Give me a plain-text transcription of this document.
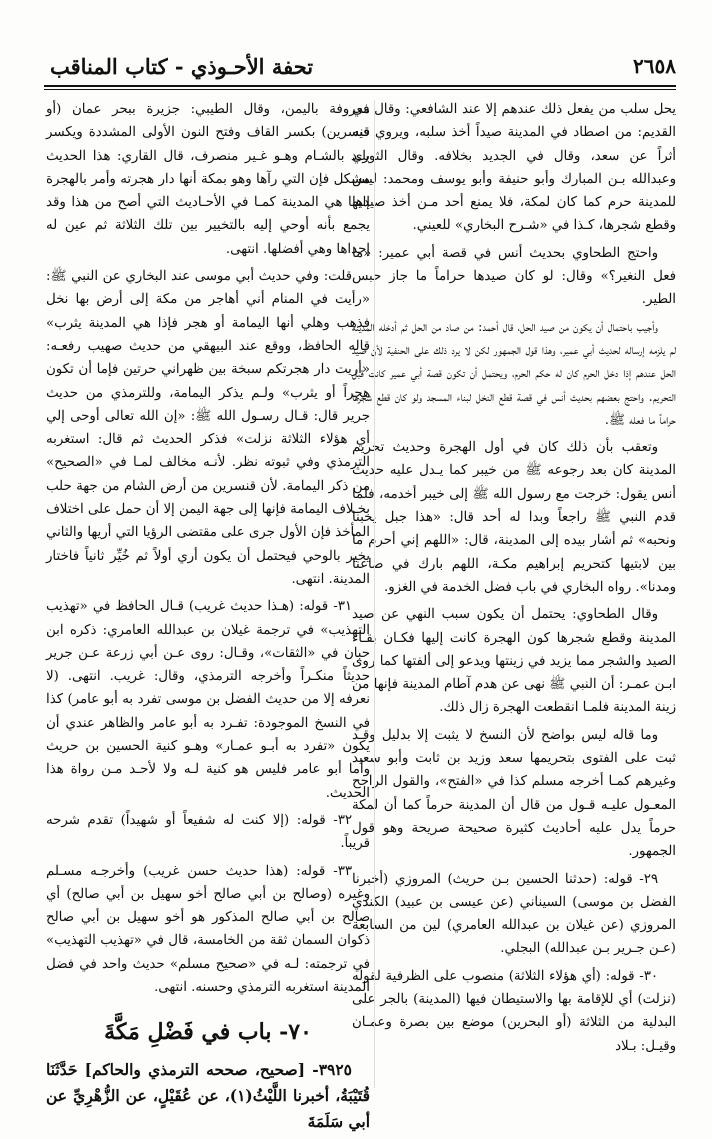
٢٦٥٨
تحفة الأحـوذي - كتاب المناقب

يحل سلب من يفعل ذلك عندهم إلا عند الشافعي: وقال في القديم: من اصطاد في المدينة صيداً أخذ سلبه، ويروي فيه أثراً عن سعد، وقال في الجديد بخلافه. وقال الثوري وعبدالله بـن المبارك وأبو حنيفة وأبو يوسف ومحمد: ليس للمدينة حرم كما كان لمكة، فلا يمنع أحد مـن أخذ صيدها وقطع شجرها، كـذا في «شـرح البخاري» للعيني.

واحتج الطحاوي بحديث أنس في قصة أبي عمير: «ما فعل النغير؟» وقال: لو كان صيدها حراماً ما جاز حبس الطير.

وأجيب باحتمال أن يكون من صيد الحل، قال أحمد: من صاد من الحل ثم أدخله المدينة لم يلزمه إرساله لحديث أبي عمير، وهذا قول الجمهور لكن لا يرد ذلك على الحنفية لأن صيد الحل عندهم إذا دخل الحرم كان له حكم الحرم، ويحتمل أن تكون قصة أبي عمير كانت قبل التحريم. واحتج بعضهم بحديث أنس في قصة قطع النخل لبناء المسجد ولو كان قطع شجرها حراماً ما فعله ﷺ.

وتعقب بأن ذلك كان في أول الهجرة وحديث تحريم المدينة كان بعد رجوعه ﷺ من خيبر كما يـدل عليه حديث أنس يقول: خرجت مع رسول الله ﷺ إلى خيبر أخدمه، فلما قدم النبي ﷺ راجعاً وبدا له أحد قال: «هذا جبل يحبنا ونحبه» ثم أشار بيده إلى المدينة، قال: «اللهم إني أحرم ما بين لابتيها كتحريم إبراهيم مكـة، اللهم بارك في صاعنا ومدنا». رواه البخاري في باب فضل الخدمة في الغزو.

وقال الطحاوي: يحتمل أن يكون سبب النهي عن صيد المدينة وقطع شجرها كون الهجرة كانت إليها فكـان بقـاء الصيد والشجر مما يزيد في زينتها ويدعو إلى ألفتها كما روى ابـن عمـر: أن النبي ﷺ نهى عن هدم آطام المدينة فإنها من زينة المدينة فلمـا انقطعت الهجرة زال ذلك.

وما قاله ليس بواضح لأن النسخ لا يثبت إلا بدليل وقـد ثبت على الفتوى بتحريمها سعد وزيد بن ثابت وأبو سعيد وغيرهم كمـا أخرجه مسلم كذا في «الفتح»، والقول الراجح المعـول عليـه قـول من قال أن المدينة حرماً كما أن لمكة حرماً يدل عليه أحاديث كثيرة صحيحة صريحة وهو قول الجمهور.

٢٩- قوله: (حدثنا الحسين بـن حريث) المروزي (أخبرنا الفضل بن موسى) السيناني (عن عيسى بن عبيد) الكندي المروزي (عن غيلان بن عبدالله العامري) لين من السابعة (عـن جـرير بـن عبدالله) البجلي.

٣٠- قوله: (أي هؤلاء الثلاثة) منصوب على الظرفية لقوله (نزلت) أي للإقامة بها والاستيطان فيها (المدينة) بالجر على البدلية من الثلاثة (أو البحرين) موضع بين بصرة وعمـان وقيـل: بـلاد

معروفة باليمن، وقال الطيبي: جزيرة ببحر عمان (أو قنسرين) بكسر القاف وفتح النون الأولى المشددة ويكسر بلـد بالشـام وهـو غـير منصرف، قال القاري: هذا الحديث مشكل فإن التي رآها وهو بمكة أنها دار هجرته وأمر بالهجرة إليها هي المدينة كمـا في الأحـاديث التي أصح من هذا وقد يجمع بأنه أوحي إليه بالتخيير بين تلك الثلاثة ثم عين له إحداها وهي أفضلها. انتهى.

قلت: وفي حديث أبي موسى عند البخاري عن النبي ﷺ: «رأيت في المنام أني أهاجر من مكة إلى أرض بها نخل فذهب وهلي أنها اليمامة أو هجر فإذا هي المدينة يثرب» قاله الحافظ، ووقع عند البيهقي من حديث صهيب رفعـه: «أريت دار هجرتكم سبخة بين ظهراني حرتين فإما أن تكون هجراً أو يثرب» ولـم يذكر اليمامة، وللترمذي من حديث جرير قال: قـال رسـول الله ﷺ: «إن الله تعالى أوحى إلي أي هؤلاء الثلاثة نزلت» فذكر الحديث ثم قال: استغربه الترمذي وفي ثبوته نظر. لأنـه مخالف لمـا في «الصحيح» من ذكر اليمامة. لأن قنسرين من أرض الشام من جهة حلب بخـلاف اليمامة فإنها إلى جهة اليمن إلا أن حمل على اختلاف المأخذ فإن الأول جرى على مقتضى الرؤيا التي أريها والثاني يخير بالوحي فيحتمل أن يكون أري أولاً ثم خُيِّر ثانياً فاختار المدينة. انتهى.

٣١- قوله: (هـذا حديث غريب) قـال الحافظ في «تهذيب التهذيب» في ترجمة غيلان بن عبدالله العامري: ذكره ابن حبان في «الثقات»، وقـال: روى عـن أبي زرعة عـن جرير حديثاً منكـراً وأخرجه الترمذي، وقال: غريب. انتهى. (لا نعرفه إلا من حديث الفضل بن موسى تفرد به أبو عامر) كذا في النسخ الموجودة: تفـرد به أبو عامر والظاهر عندي أن يكون «تفرد به أبـو عمـار» وهـو كنية الحسين بن حريث وأما أبو عامر فليس هو كنية لـه ولا لأحـد مـن رواة هذا الحديث.

٣٢- قوله: (إلا كنت له شفيعاً أو شهيداً) تقدم شرحه قريباً.

٣٣- قوله: (هذا حديث حسن غريب) وأخرجـه مسـلم وغيره (وصالح بن أبي صالح أخو سهيل بن أبي صالح) أي صالح بن أبي صالح المذكور هو أخو سهيل بن أبي صالح ذكوان السمان ثقة من الخامسة، قال في «تهذيب التهذيب» في ترجمته: لـه في «صحيح مسلم» حديث واحد في فضل المدينة استغربه الترمذي وحسنه. انتهى.

٧٠- باب في فَضْلِ مَكَّةَ

٣٩٢٥- [صحيح، صححه الترمذي والحاكم] حَدَّثَنَا قُتَيْبَةُ، أخبرنا اللَّيْثُ(١)، عن عُقَيْلٍ، عن الزُّهْرِيِّ عن أبي سَلَمَةَ
